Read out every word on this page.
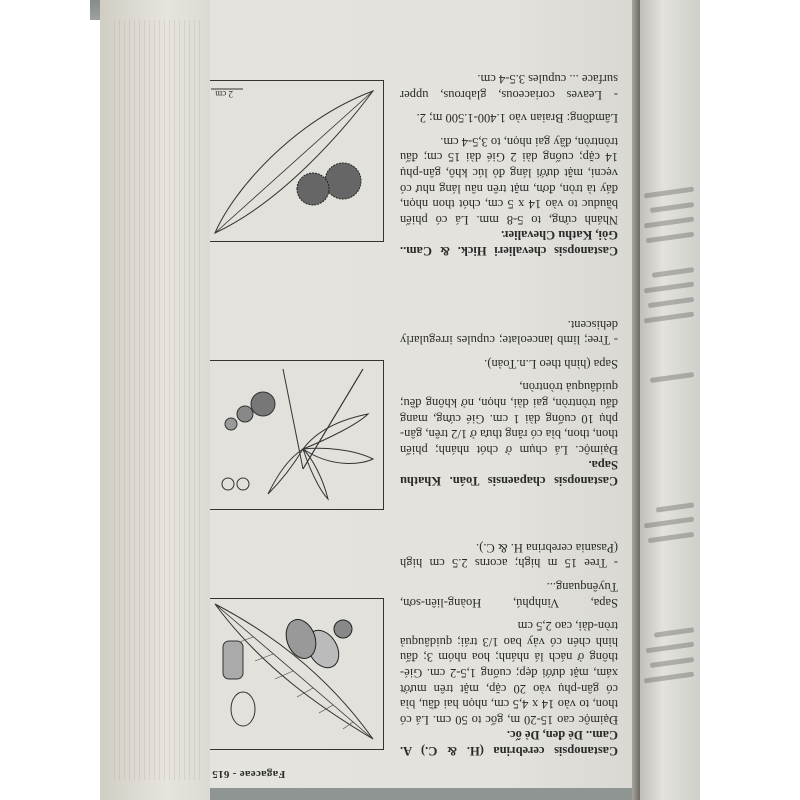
Fagaceae - 615

Castanopsis cerebrina (H. & C.) A. Cam.. Dẻ đen, Dẻ ốc.

Đạimộc cao 15-20 m, gốc to 50 cm. Lá có thon, to vào 14 x 4,5 cm, nhọn hai đầu, bìa có gân-phụ vào 20 cặp, mặt trên mướt xám, mặt dưới đẹp; cuống 1,5-2 cm. Gié-thông ở nách lá nhánh; hoa nhóm 3; đấu hình chén có vảy bao 1/3 trái; quidâuquả tròn-dài, cao 2,5 cm

Sapa, Vinhphú, Hoàng-liên-sơn, Tuyênquang...

- Tree 15 m high; acorns 2.5 cm high (Pasania cerebrina H. & C.).

Castanopsis chapaensis Toán. Khathu Sapa.

Đạimộc. Lá chụm ở chót nhánh; phiến thon, thon, bìa có răng thưa ở 1/2 trên, gân-phụ 10 cuống dài 1 cm. Gié cứng, mang đấu tròntròn, gai dài, nhọn, nở không đều; quidâuquả tròntròn,

Sapa (hình theo L.n.Toản).

- Tree; limb lanceolate; cupules irregularly dehiscent.

Castanopsis chevalieri Hick. & Cam.. Gòi, Kathu Chevalier.

Nhánh cứng, to 5-8 mm. Lá có phiến bầuduc to vào 14 x 5 cm, chót thon nhọn, đáy tà tròn, đơn, mặt trên nâu láng như có vẹcni, mặt dưới láng đỏ lúc khô, gân-phụ 14 cặp; cuống dài 2 Gié dài 15 cm; đấu tròntròn, đầy gai nhọn, to 3,5-4 cm.

Lâmđồng: Braian vào 1.400-1.500 m; 2.

- Leaves coriaceous, glabrous, upper surface ... cupules 3.5-4 cm.

2 cm
